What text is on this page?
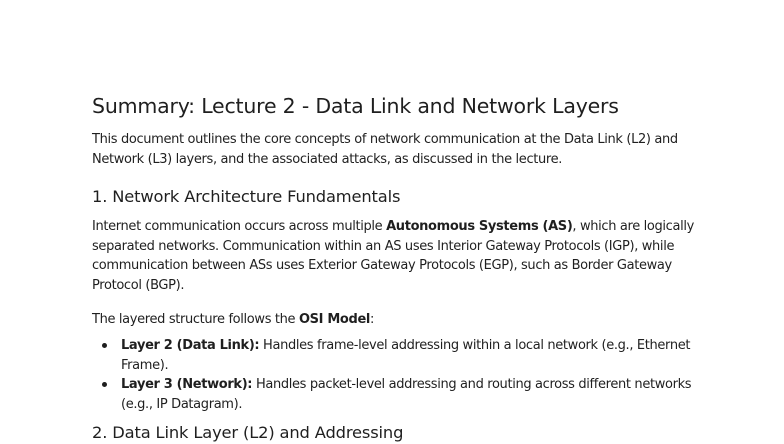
Summary: Lecture 2 - Data Link and Network Layers

This document outlines the core concepts of network communication at the Data Link (L2) and Network (L3) layers, and the associated attacks, as discussed in the lecture.

1. Network Architecture Fundamentals

Internet communication occurs across multiple Autonomous Systems (AS), which are logically separated networks. Communication within an AS uses Interior Gateway Protocols (IGP), while communication between ASs uses Exterior Gateway Protocols (EGP), such as Border Gateway Protocol (BGP).

The layered structure follows the OSI Model:

Layer 2 (Data Link): Handles frame-level addressing within a local network (e.g., Ethernet Frame).
Layer 3 (Network): Handles packet-level addressing and routing across different networks (e.g., IP Datagram).
2. Data Link Layer (L2) and Addressing
